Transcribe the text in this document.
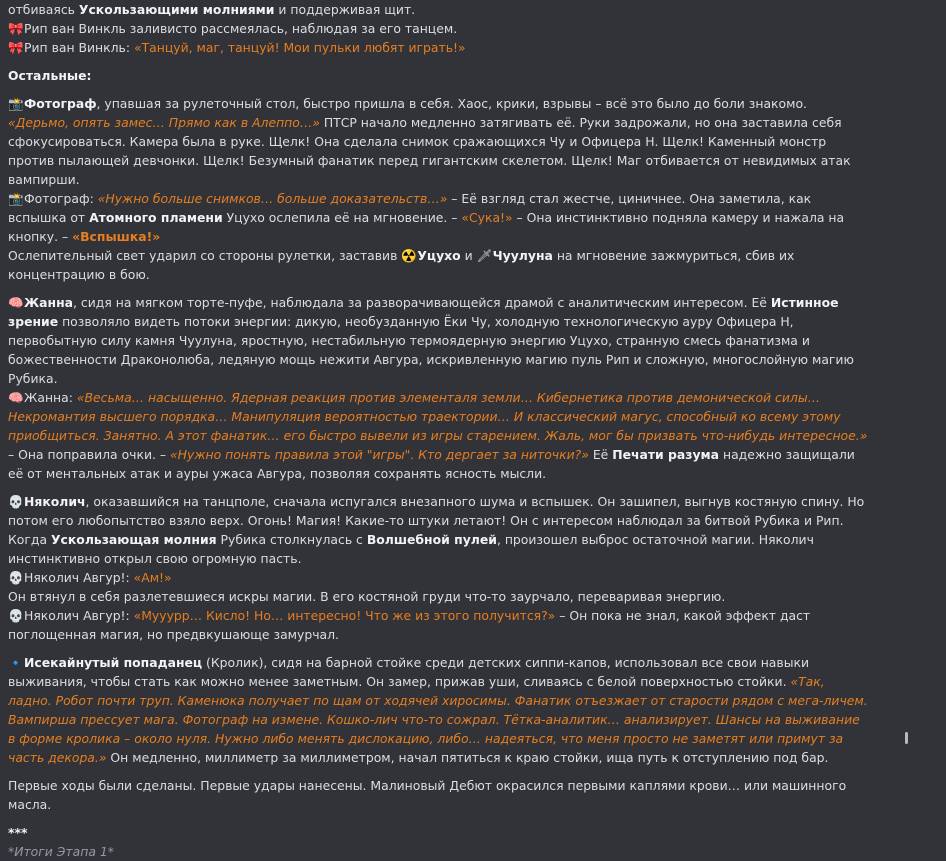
отбиваясь Ускользающими молниями и поддерживая щит.

🎀Рип ван Винкль заливисто рассмеялась, наблюдая за его танцем.

🎀Рип ван Винкль: «Танцуй, маг, танцуй! Мои пульки любят играть!»

Остальные:

📸Фотограф, упавшая за рулеточный стол, быстро пришла в себя. Хаос, крики, взрывы – всё это было до боли знакомо. «Дерьмо, опять замес… Прямо как в Алеппо…» ПТСР начало медленно затягивать её. Руки задрожали, но она заставила себя сфокусироваться. Камера была в руке. Щелк! Она сделала снимок сражающихся Чу и Офицера Н. Щелк! Каменный монстр против пылающей девчонки. Щелк! Безумный фанатик перед гигантским скелетом. Щелк! Маг отбивается от невидимых атак вампирши.

📸Фотограф: «Нужно больше снимков… больше доказательств…» – Её взгляд стал жестче, циничнее. Она заметила, как вспышка от Атомного пламени Уцухо ослепила её на мгновение. – «Сука!» – Она инстинктивно подняла камеру и нажала на кнопку. – «Вспышка!»
Ослепительный свет ударил со стороны рулетки, заставив ☢️Уцухо и 🗡Чуулуна на мгновение зажмуриться, сбив их концентрацию в бою.

🧠Жанна, сидя на мягком торте-пуфе, наблюдала за разворачивающейся драмой с аналитическим интересом. Её Истинное зрение позволяло видеть потоки энергии: дикую, необузданную Ёки Чу, холодную технологическую ауру Офицера Н, первобытную силу камня Чуулуна, яростную, нестабильную термоядерную энергию Уцухо, странную смесь фанатизма и божественности Драконолюба, ледяную мощь нежити Авгура, искривленную магию пуль Рип и сложную, многослойную магию Рубика.

🧠Жанна: «Весьма… насыщенно. Ядерная реакция против элементаля земли… Кибернетика против демонической силы… Некромантия высшего порядка… Манипуляция вероятностью траектории… И классический магус, способный ко всему этому приобщиться. Занятно. А этот фанатик… его быстро вывели из игры старением. Жаль, мог бы призвать что-нибудь интересное.» – Она поправила очки. – «Нужно понять правила этой "игры". Кто дергает за ниточки?» Её Печати разума надежно защищали её от ментальных атак и ауры ужаса Авгура, позволяя сохранять ясность мысли.

💀Няколич, оказавшийся на танцполе, сначала испугался внезапного шума и вспышек. Он зашипел, выгнув костяную спину. Но потом его любопытство взяло верх. Огонь! Магия! Какие-то штуки летают! Он с интересом наблюдал за битвой Рубика и Рип. Когда Ускользающая молния Рубика столкнулась с Волшебной пулей, произошел выброс остаточной магии. Няколич инстинктивно открыл свою огромную пасть.

💀Няколич Авгур!: «Ам!»

Он втянул в себя разлетевшиеся искры магии. В его костяной груди что-то заурчало, переваривая энергию.

💀Няколич Авгур!: «Мууурр… Кисло! Но… интересно! Что же из этого получится?» – Он пока не знал, какой эффект даст поглощенная магия, но предвкушающе замурчал.

🔹Исекайнутый попаданец (Кролик), сидя на барной стойке среди детских сиппи-капов, использовал все свои навыки выживания, чтобы стать как можно менее заметным. Он замер, прижав уши, сливаясь с белой поверхностью стойки. «Так, ладно. Робот почти труп. Каменюка получает по щам от ходячей хиросимы. Фанатик отъезжает от старости рядом с мега-личем. Вампирша прессует мага. Фотограф на измене. Кошко-лич что-то сожрал. Тётка-аналитик… анализирует. Шансы на выживание в форме кролика – около нуля. Нужно либо менять дислокацию, либо… надеяться, что меня просто не заметят или примут за часть декора.» Он медленно, миллиметр за миллиметром, начал пятиться к краю стойки, ища путь к отступлению под бар.

Первые ходы были сделаны. Первые удары нанесены. Малиновый Дебют окрасился первыми каплями крови… или машинного масла.

***

*Итоги Этапа 1*
